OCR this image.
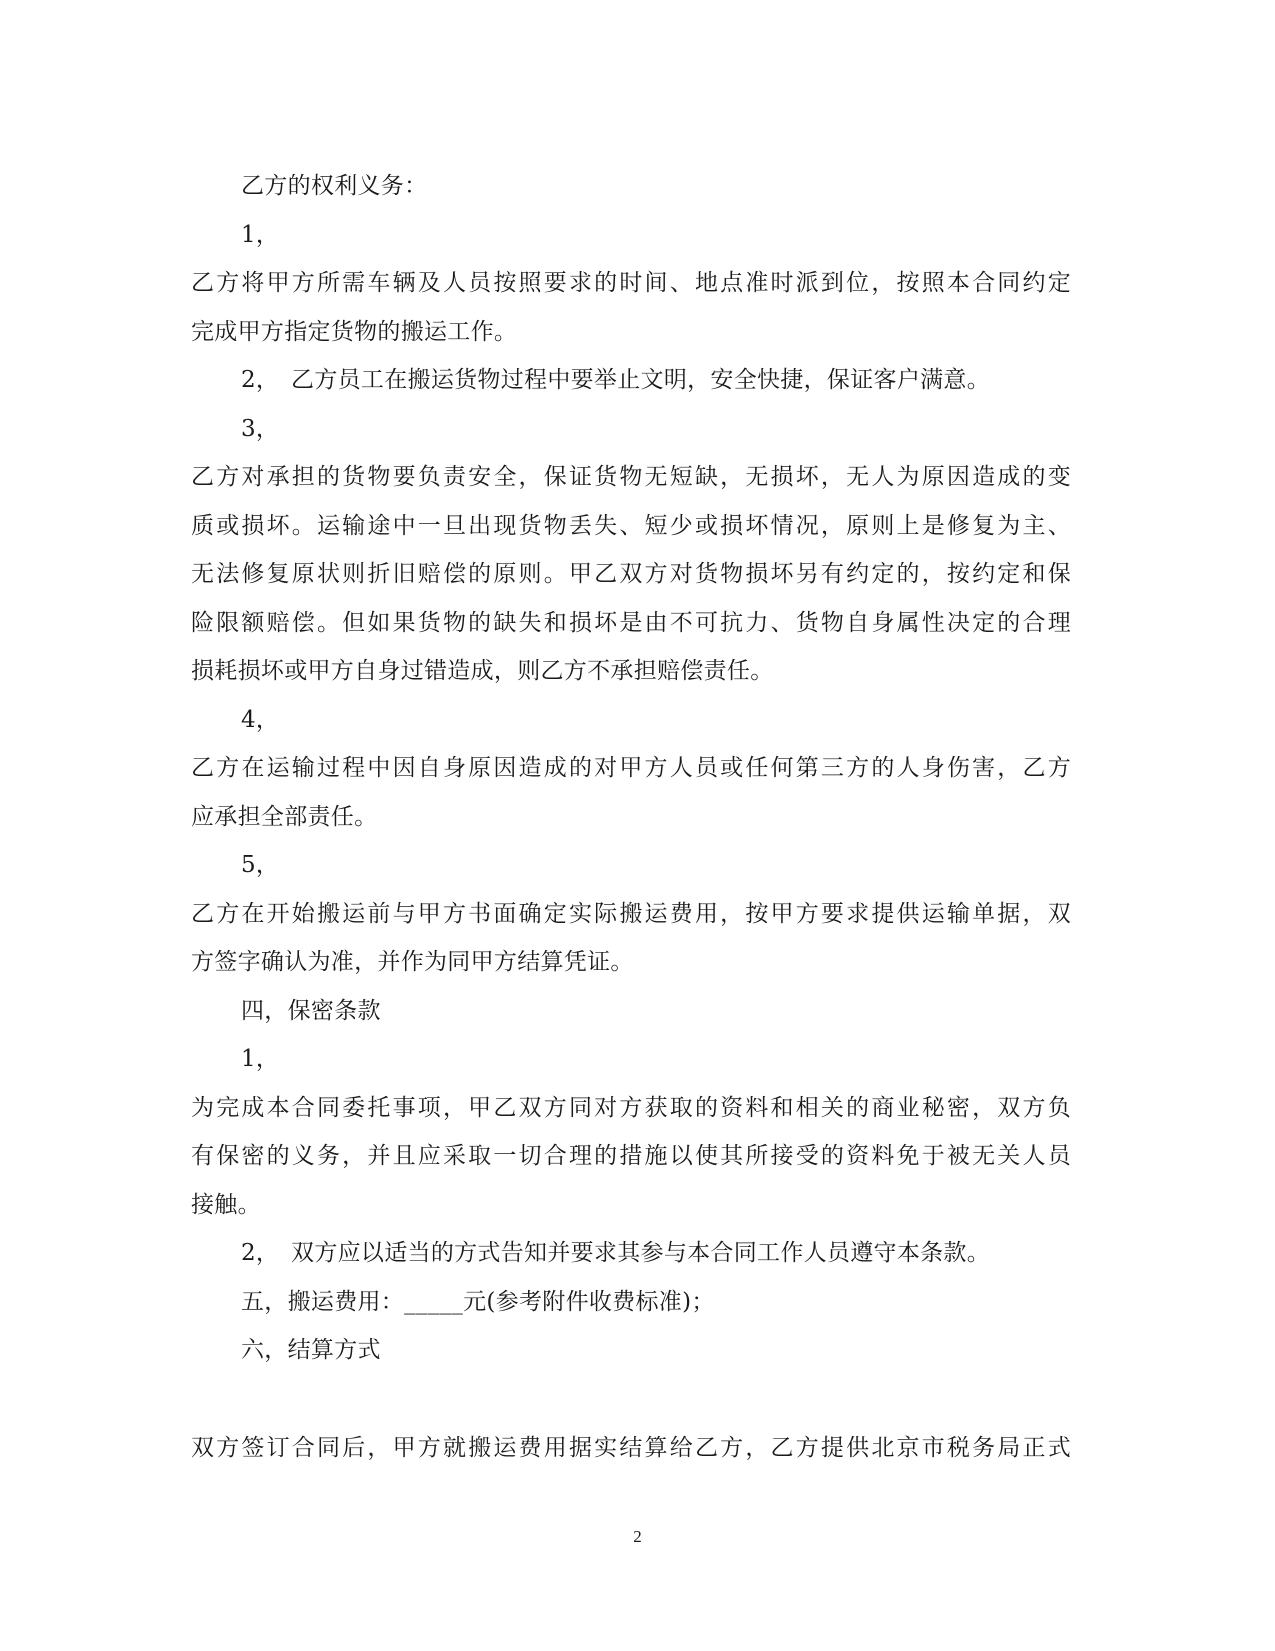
乙方的权利义务：
1，
乙方将甲方所需车辆及人员按照要求的时间、地点准时派到位，按照本合同约定
完成甲方指定货物的搬运工作。
2，　乙方员工在搬运货物过程中要举止文明，安全快捷，保证客户满意。
3，
乙方对承担的货物要负责安全，保证货物无短缺，无损坏，无人为原因造成的变
质或损坏。运输途中一旦出现货物丢失、短少或损坏情况，原则上是修复为主、
无法修复原状则折旧赔偿的原则。甲乙双方对货物损坏另有约定的，按约定和保
险限额赔偿。但如果货物的缺失和损坏是由不可抗力、货物自身属性决定的合理
损耗损坏或甲方自身过错造成，则乙方不承担赔偿责任。
4，
乙方在运输过程中因自身原因造成的对甲方人员或任何第三方的人身伤害，乙方
应承担全部责任。
5，
乙方在开始搬运前与甲方书面确定实际搬运费用，按甲方要求提供运输单据，双
方签字确认为准，并作为同甲方结算凭证。
四，保密条款
1，
为完成本合同委托事项，甲乙双方同对方获取的资料和相关的商业秘密，双方负
有保密的义务，并且应采取一切合理的措施以使其所接受的资料免于被无关人员
接触。
2，　双方应以适当的方式告知并要求其参与本合同工作人员遵守本条款。
五，搬运费用：_____元(参考附件收费标准)；
六，结算方式
双方签订合同后，甲方就搬运费用据实结算给乙方，乙方提供北京市税务局正式
2
